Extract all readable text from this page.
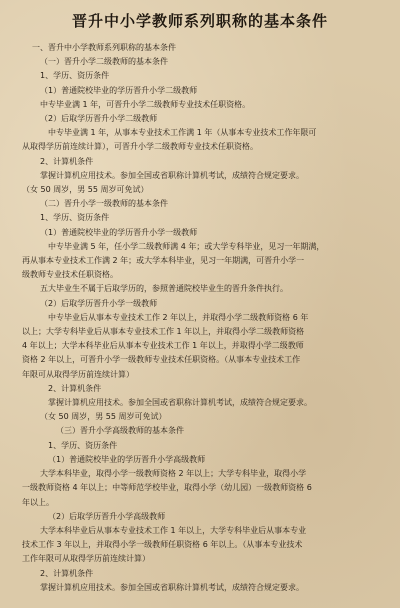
晋升中小学教师系列职称的基本条件
一、晋升中小学教师系列职称的基本条件
（一）晋升小学二级教师的基本条件
1、学历、资历条件
（1）普通院校毕业的学历晋升小学二级教师
中专毕业满 1 年，可晋升小学二级教师专业技术任职资格。
（2）后取学历晋升小学二级教师
中专毕业满 1 年，从事本专业技术工作满 1 年（从事本专业技术工作年限可
从取得学历前连续计算），可晋升小学二级教师专业技术任职资格。
2、计算机条件
掌握计算机应用技术。参加全国或省职称计算机考试，成绩符合规定要求。
（女 50 周岁，男 55 周岁可免试）
（二）晋升小学一级教师的基本条件
1、学历、资历条件
（1）普通院校毕业的学历晋升小学一级教师
中专毕业满 5 年，任小学二级教师满 4 年；或大学专科毕业，见习一年期满，
再从事本专业技术工作满 2 年；或大学本科毕业，见习一年期满，可晋升小学一
级教师专业技术任职资格。
五大毕业生不属于后取学历的，参照普通院校毕业生的晋升条件执行。
（2）后取学历晋升小学一级教师
中专毕业后从事本专业技术工作 2 年以上，并取得小学二级教师资格 6 年
以上；大学专科毕业后从事本专业技术工作 1 年以上，并取得小学二级教师资格
4 年以上；大学本科毕业后从事本专业技术工作 1 年以上，并取得小学二级教师
资格 2 年以上，可晋升小学一级教师专业技术任职资格。（从事本专业技术工作
年限可从取得学历前连续计算）
2、计算机条件
掌握计算机应用技术。参加全国或省职称计算机考试，成绩符合规定要求。
（女 50 周岁，男 55 周岁可免试）
（三）晋升小学高级教师的基本条件
1、学历、资历条件
（1）普通院校毕业的学历晋升小学高级教师
大学本科毕业，取得小学一级教师资格 2 年以上；大学专科毕业，取得小学
一级教师资格 4 年以上；中等师范学校毕业，取得小学（幼儿园）一级教师资格 6
年以上。
（2）后取学历晋升小学高级教师
大学本科毕业后从事本专业技术工作 1 年以上，大学专科毕业后从事本专业
技术工作 3 年以上，并取得小学一级教师任职资格 6 年以上。（从事本专业技术
工作年限可从取得学历前连续计算）
2、计算机条件
掌握计算机应用技术。参加全国或省职称计算机考试，成绩符合规定要求。
